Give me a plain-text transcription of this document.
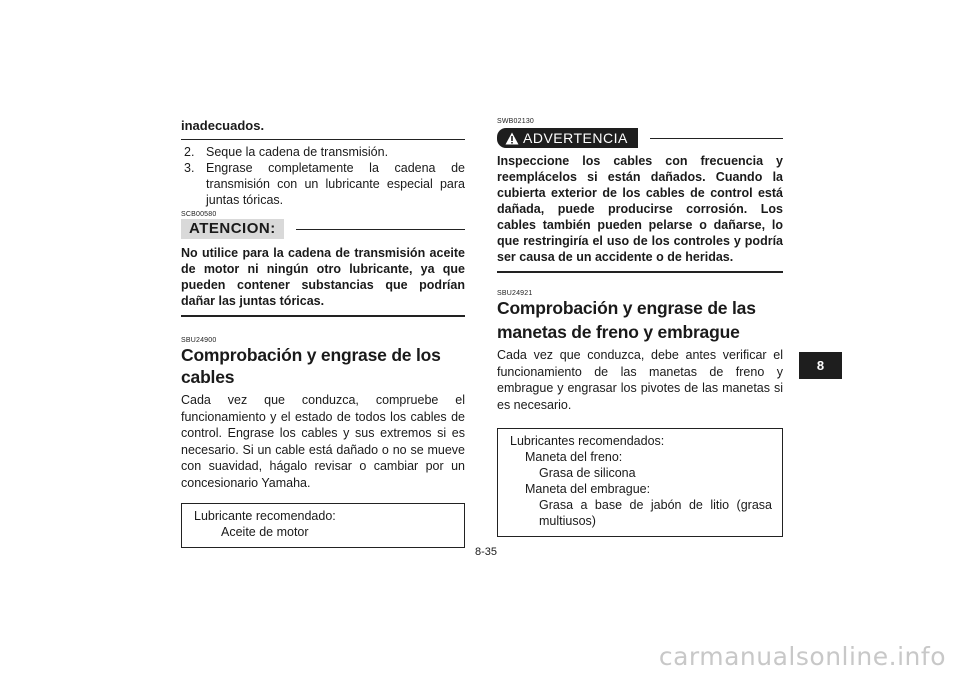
inadecuados.

2. Seque la cadena de transmisión.
3. Engrase completamente la cadena de transmisión con un lubricante especial para juntas tóricas.
SCB00580
ATENCION:

No utilice para la cadena de transmisión aceite de motor ni ningún otro lubricante, ya que pueden contener substancias que podrían dañar las juntas tóricas.

SBU24900
Comprobación y engrase de los cables

Cada vez que conduzca, compruebe el funcionamiento y el estado de todos los cables de control. Engrase los cables y sus extremos si es necesario. Si un cable está dañado o no se mueve con suavidad, hágalo revisar o cambiar por un concesionario Yamaha.

Lubricante recomendado:
Aceite de motor
SWB02130
ADVERTENCIA

Inspeccione los cables con frecuencia y reemplácelos si están dañados. Cuando la cubierta exterior de los cables de control está dañada, puede producirse corrosión. Los cables también pueden pelarse o dañarse, lo que restringiría el uso de los controles y podría ser causa de un accidente o de heridas.

SBU24921
Comprobación y engrase de las
manetas de freno y embrague

Cada vez que conduzca, debe antes verificar el funcionamiento de las manetas de freno y embrague y engrasar los pivotes de las manetas si es necesario.

Lubricantes recomendados:
Maneta del freno:
Grasa de silicona
Maneta del embrague:
Grasa a base de jabón de litio (grasa multiusos)
8-35
8
carmanualsonline.info
